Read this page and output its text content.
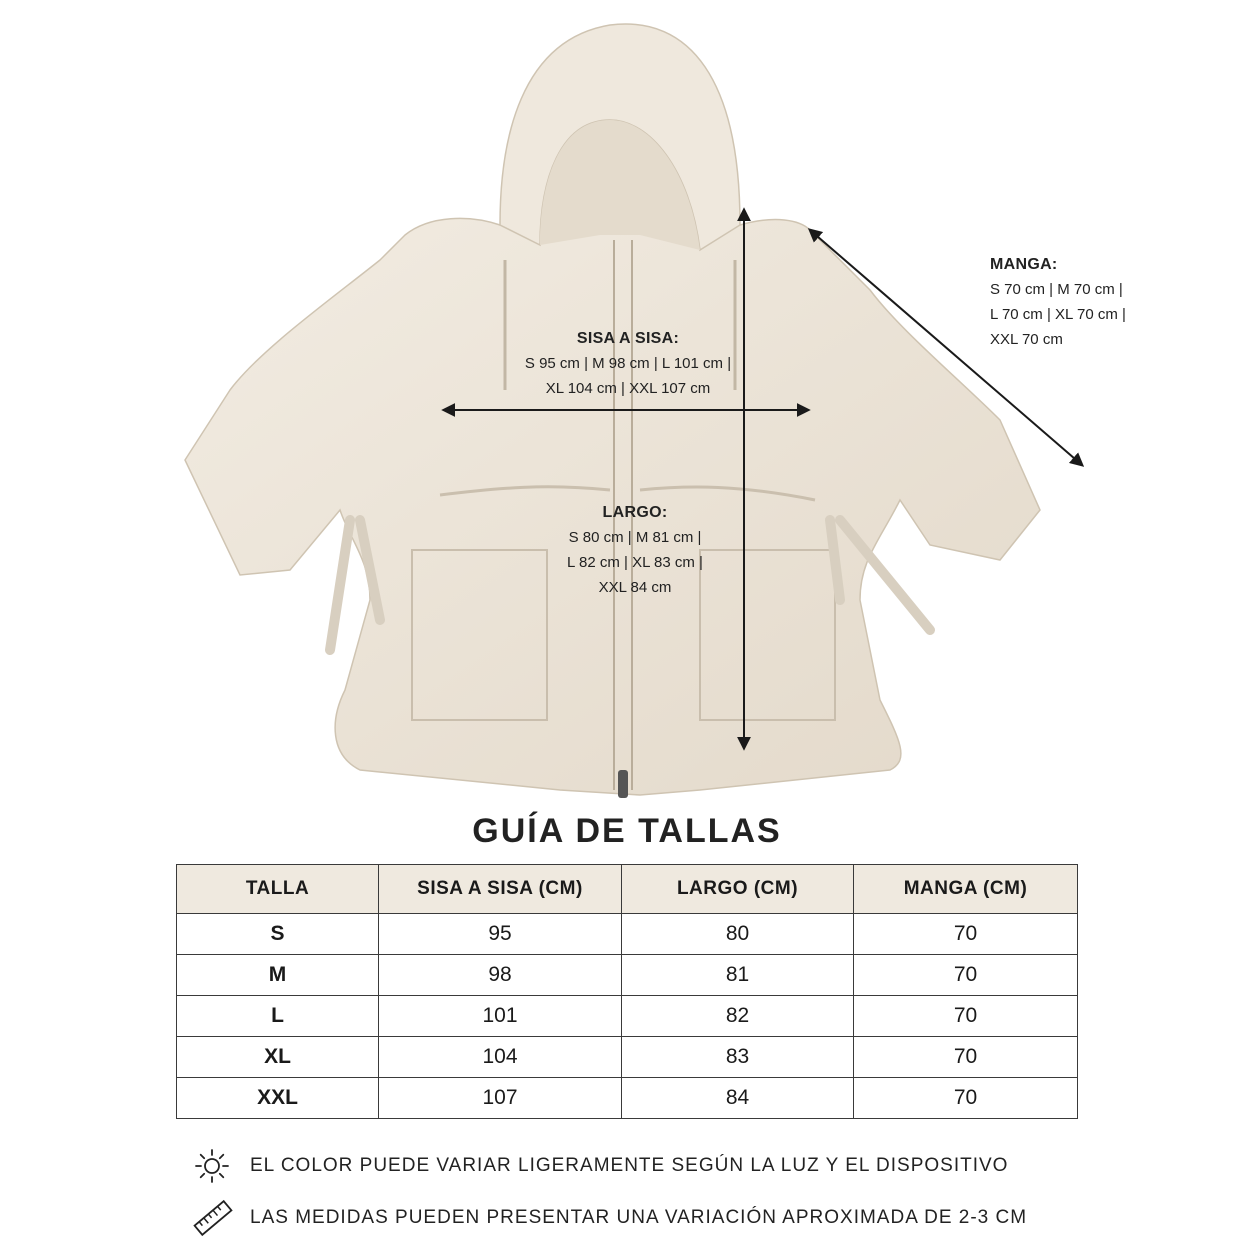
SISA A SISA:
S 95 cm | M 98 cm | L 101 cm |
XL 104 cm | XXL 107 cm
LARGO:
S 80 cm | M 81 cm |
L 82 cm | XL 83 cm |
XXL 84 cm
MANGA:
S 70 cm | M 70 cm |
L 70 cm | XL 70 cm |
XXL 70 cm
GUÍA DE TALLAS
TALLA	SISA A SISA (CM)	LARGO (CM)	MANGA (CM)
S	95	80	70
M	98	81	70
L	101	82	70
XL	104	83	70
XXL	107	84	70
EL COLOR PUEDE VARIAR LIGERAMENTE SEGÚN LA LUZ Y EL DISPOSITIVO
LAS MEDIDAS PUEDEN PRESENTAR UNA VARIACIÓN APROXIMADA DE 2-3 CM
